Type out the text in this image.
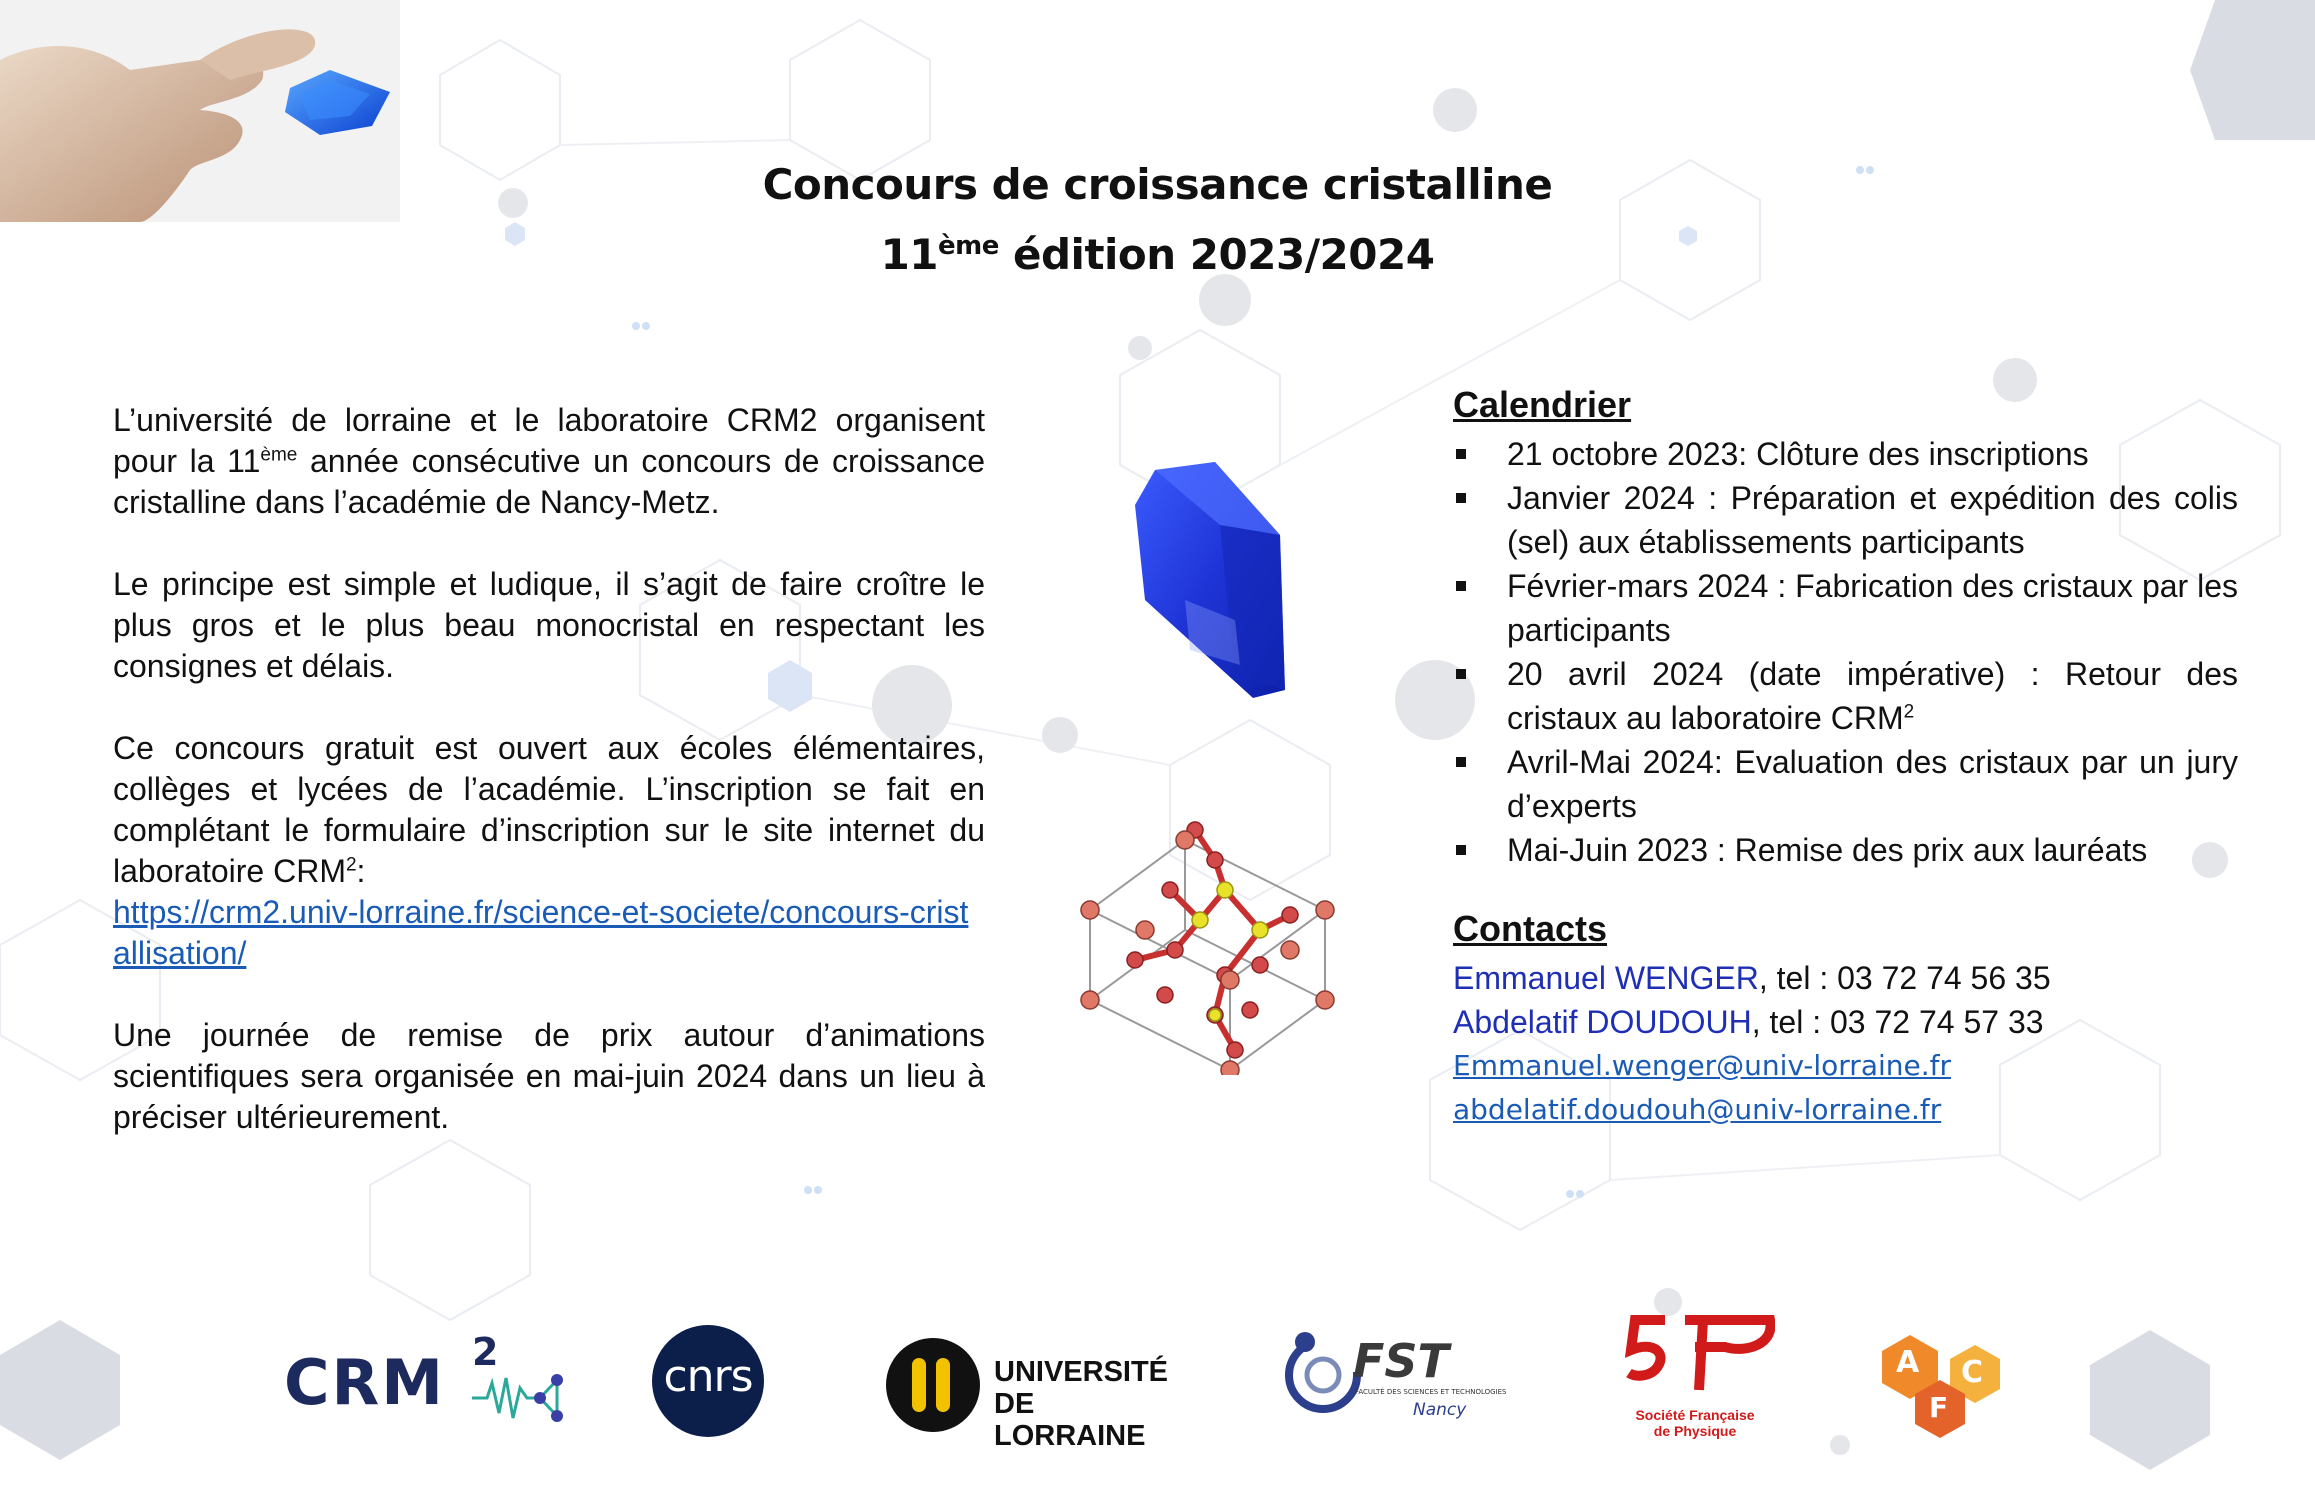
Concours de croissance cristalline
11ème édition 2023/2024

L’université de lorraine et le laboratoire CRM2 organisent pour la 11ème année consécutive un concours de croissance cristalline dans l’académie de Nancy-Metz.

Le principe est simple et ludique, il s’agit de faire croître le plus gros et le plus beau monocristal en respectant les consignes et délais.

Ce concours gratuit est ouvert aux écoles élémentaires, collèges et lycées de l’académie. L’inscription se fait en complétant le formulaire d’inscription sur le site internet du laboratoire CRM$^2$:
https://crm2.univ-lorraine.fr/science-et-societe/concours-cristallisation/

Une journée de remise de prix autour d’animations scientifiques sera organisée en mai-juin 2024 dans un lieu à préciser ultérieurement.

Calendrier
21 octobre 2023: Clôture des inscriptions
Janvier 2024 : Préparation et expédition des colis (sel) aux établissements participants
Février-mars 2024 : Fabrication des cristaux par les participants
20 avril 2024 (date impérative) : Retour des cristaux au laboratoire CRM$^2$
Avril-Mai 2024: Evaluation des cristaux par un jury d’experts
Mai-Juin 2023 : Remise des prix aux lauréats
Contacts
Emmanuel WENGER, tel : 03 72 74 56 35
Abdelatif DOUDOUH, tel : 03 72 74 57 33
Emmanuel.wenger@univ-lorraine.fr
abdelatif.doudouh@univ-lorraine.fr
CRM 2	cnrs	UNIVERSITÉ
DE LORRAINE
FST
FACULTÉ DES SCIENCES ET TECHNOLOGIES
Nancy	Société Française
de Physique
A
F
C
